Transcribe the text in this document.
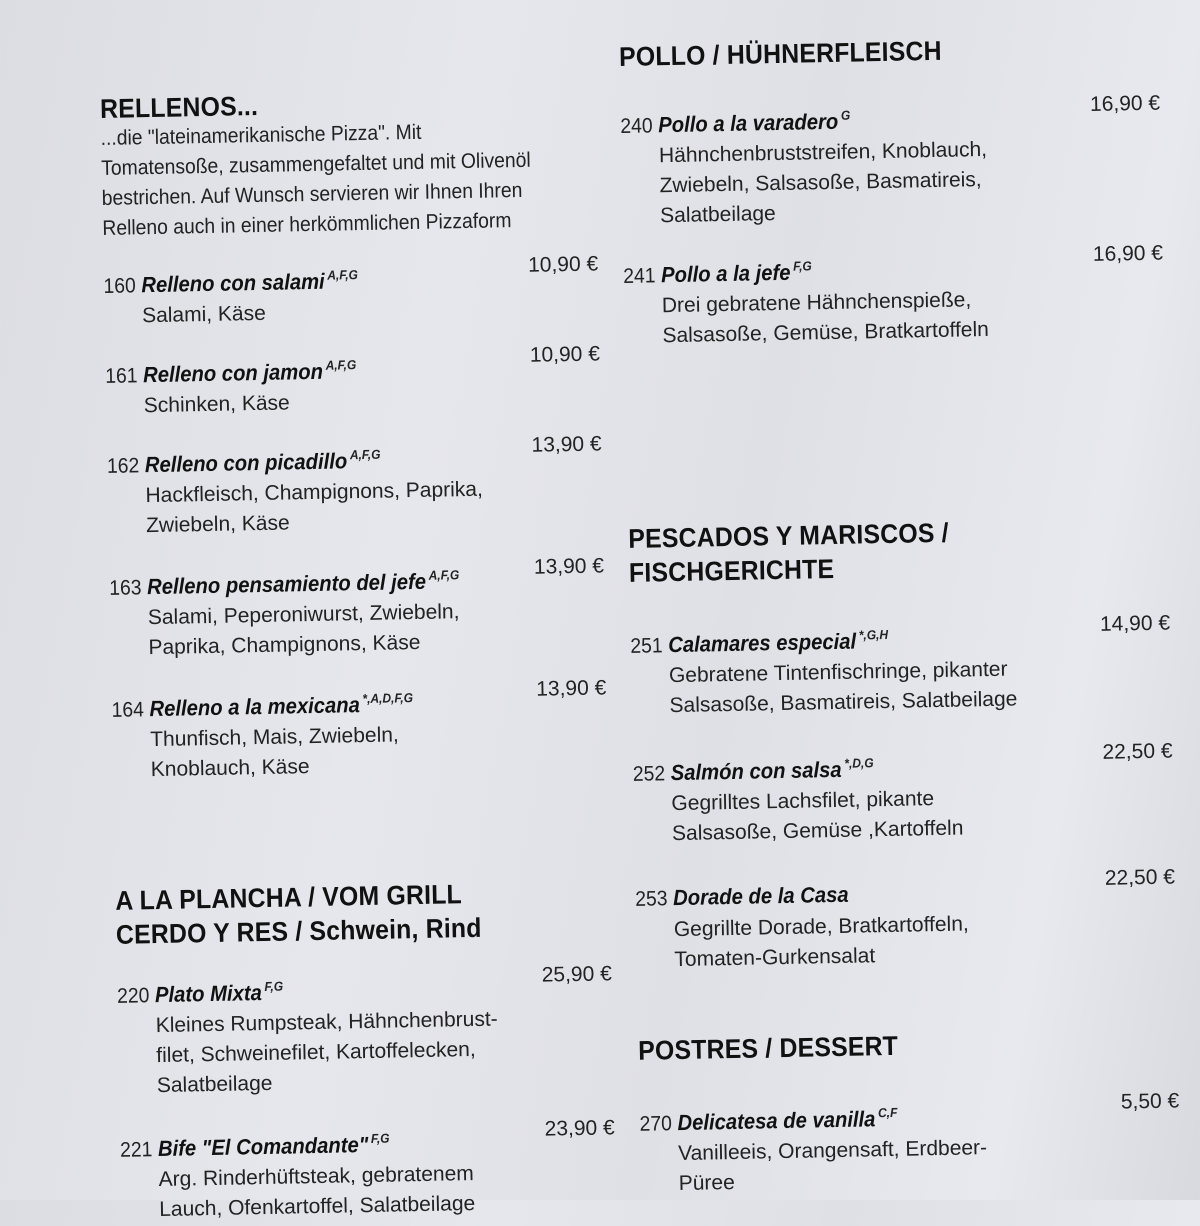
RELLENOS...
...die "lateinamerikanische Pizza". Mit
Tomatensoße, zusammengefaltet und mit Olivenöl
bestrichen. Auf Wunsch servieren wir Ihnen Ihren
Relleno auch in einer herkömmlichen Pizzaform
160 Relleno con salami $^{A,F,G}$	10,90 €
Salami, Käse
161 Relleno con jamon $^{A,F,G}$	10,90 €
Schinken, Käse
162 Relleno con picadillo $^{A,F,G}$	13,90 €
Hackfleisch, Champignons, Paprika,
Zwiebeln, Käse
163 Relleno pensamiento del jefe $^{A,F,G}$	13,90 €
Salami, Peperoniwurst, Zwiebeln,
Paprika, Champignons, Käse
164 Relleno a la mexicana $^{*,A,D,F,G}$	13,90 €
Thunfisch, Mais, Zwiebeln,
Knoblauch, Käse
A LA PLANCHA / VOM GRILL
CERDO Y RES / Schwein, Rind
220 Plato Mixta $^{F,G}$	25,90 €
Kleines Rumpsteak, Hähnchenbrust-
filet, Schweinefilet, Kartoffelecken,
Salatbeilage
221 Bife "El Comandante" $^{F,G}$	23,90 €
Arg. Rinderhüftsteak, gebratenem
Lauch, Ofenkartoffel, Salatbeilage
POLLO / HÜHNERFLEISCH
240 Pollo a la varadero $^G$	16,90 €
Hähnchenbruststreifen, Knoblauch,
Zwiebeln, Salsasoße, Basmatireis,
Salatbeilage
241 Pollo a la jefe $^{F,G}$
16,90 €
Drei gebratene Hähnchenspieße,
Salsasoße, Gemüse, Bratkartoffeln
PESCADOS Y MARISCOS /
FISCHGERICHTE
251 Calamares especial $^{*,G,H}$	14,90 €
Gebratene Tintenfischringe, pikanter
Salsasoße, Basmatireis, Salatbeilage
252 Salmón con salsa $^{*,D,G}$	22,50 €
Gegrilltes Lachsfilet, pikante
Salsasoße, Gemüse ,Kartoffeln
253 Dorade de la Casa
22,50 €
Gegrillte Dorade, Bratkartoffeln,
Tomaten-Gurkensalat
POSTRES / DESSERT
270 Delicatesa de vanilla $^{C,F}$	5,50 €
Vanilleeis, Orangensaft, Erdbeer-
Püree
